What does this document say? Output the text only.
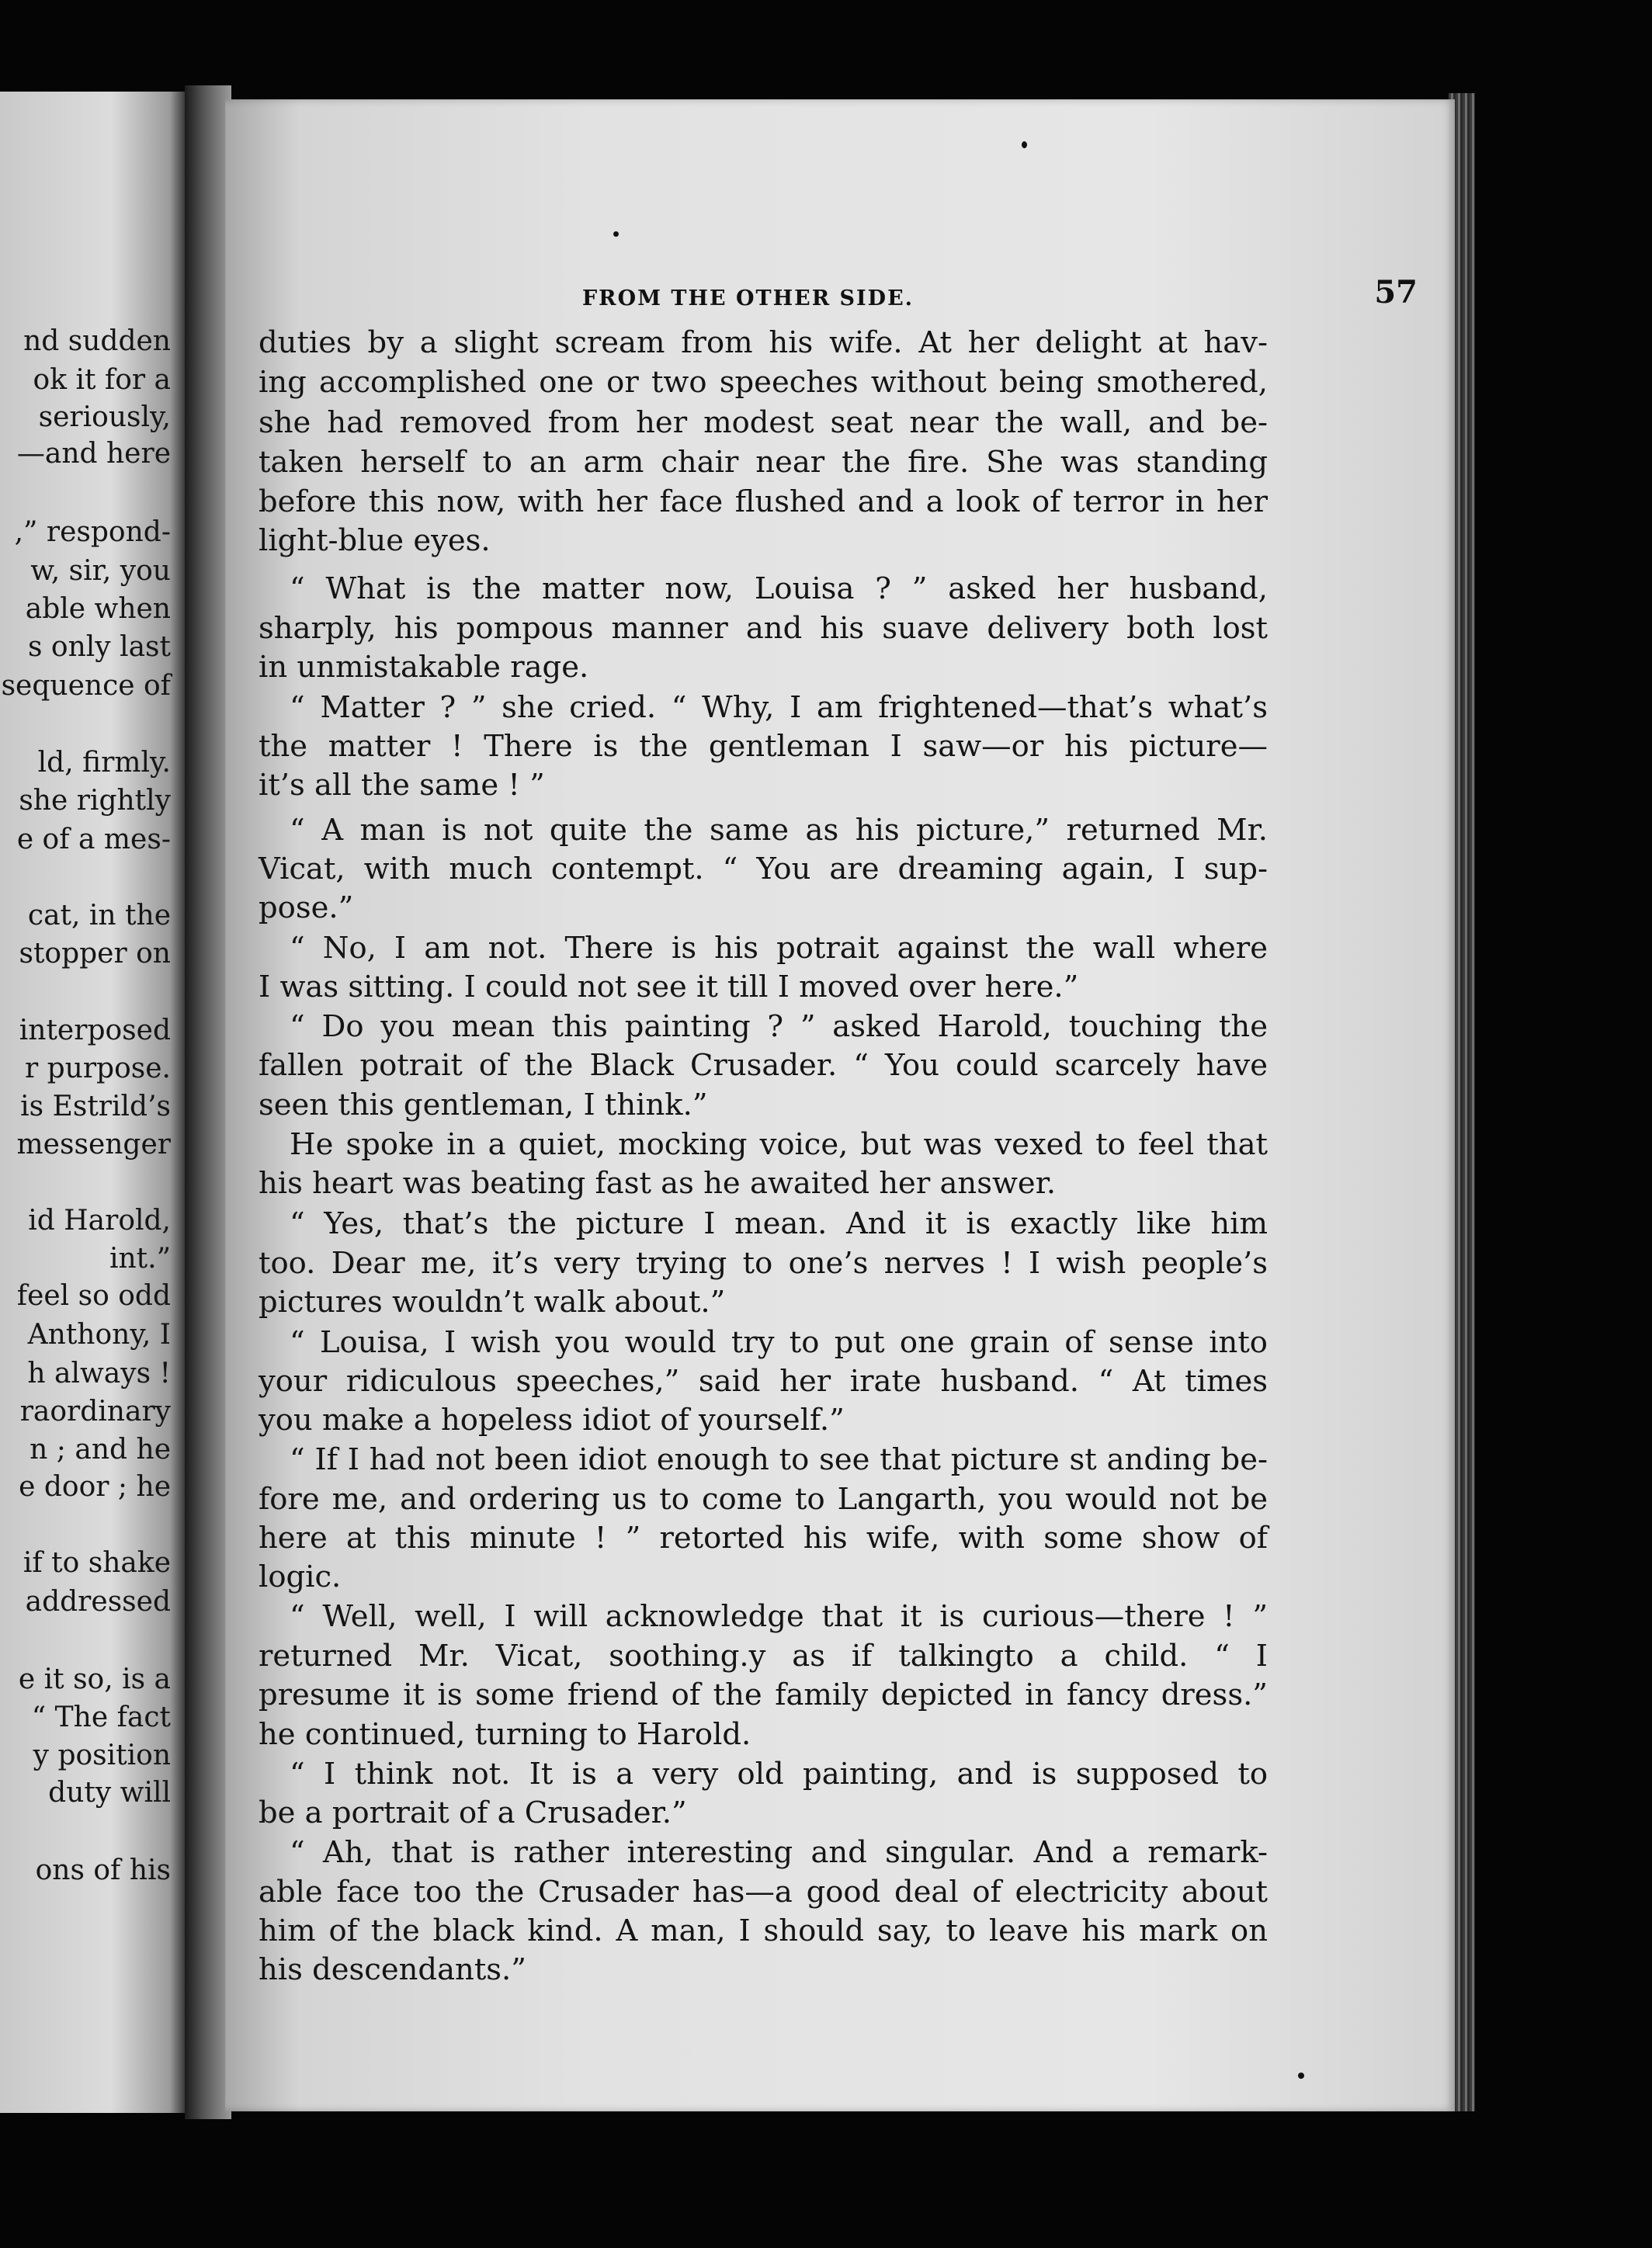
nd sudden
ok it for a
seriously,
—and here
,” respond-
w, sir, you
able when
s only last
sequence of
ld, firmly.
she rightly
e of a mes-
cat, in the
stopper on
interposed
r purpose.
is Estrild’s
messenger
id Harold,
int.”
feel so odd
Anthony, I
h always !
raordinary
n ; and he
e door ; he
if to shake
addressed
e it so, is a
“ The fact
y position
duty will
ons of his
FROM THE OTHER SIDE.	57
duties by a slight scream from his wife. At her delight at hav-
ing accomplished one or two speeches without being smothered,
she had removed from her modest seat near the wall, and be-
taken herself to an arm chair near the fire. She was standing
before this now, with her face flushed and a look of terror in her
light-blue eyes.
“ What is the matter now, Louisa ? ” asked her husband,
sharply, his pompous manner and his suave delivery both lost
in unmistakable rage.
“ Matter ? ” she cried. “ Why, I am frightened—that’s what’s
the matter ! There is the gentleman I saw—or his picture—
it’s all the same ! ”
“ A man is not quite the same as his picture,” returned Mr.
Vicat, with much contempt. “ You are dreaming again, I sup-
pose.”
“ No, I am not. There is his potrait against the wall where
I was sitting. I could not see it till I moved over here.”
“ Do you mean this painting ? ” asked Harold, touching the
fallen potrait of the Black Crusader. “ You could scarcely have
seen this gentleman, I think.”
He spoke in a quiet, mocking voice, but was vexed to feel that
his heart was beating fast as he awaited her answer.
“ Yes, that’s the picture I mean. And it is exactly like him
too. Dear me, it’s very trying to one’s nerves ! I wish people’s
pictures wouldn’t walk about.”
“ Louisa, I wish you would try to put one grain of sense into
your ridiculous speeches,” said her irate husband. “ At times
you make a hopeless idiot of yourself.”
“ If I had not been idiot enough to see that picture st anding be-
fore me, and ordering us to come to Langarth, you would not be
here at this minute ! ” retorted his wife, with some show of
logic.
“ Well, well, I will acknowledge that it is curious—there ! ”
returned Mr. Vicat, soothing.y as if talkingto a child. “ I
presume it is some friend of the family depicted in fancy dress.”
he continued, turning to Harold.
“ I think not. It is a very old painting, and is supposed to
be a portrait of a Crusader.”
“ Ah, that is rather interesting and singular. And a remark-
able face too the Crusader has—a good deal of electricity about
him of the black kind. A man, I should say, to leave his mark on
his descendants.”
